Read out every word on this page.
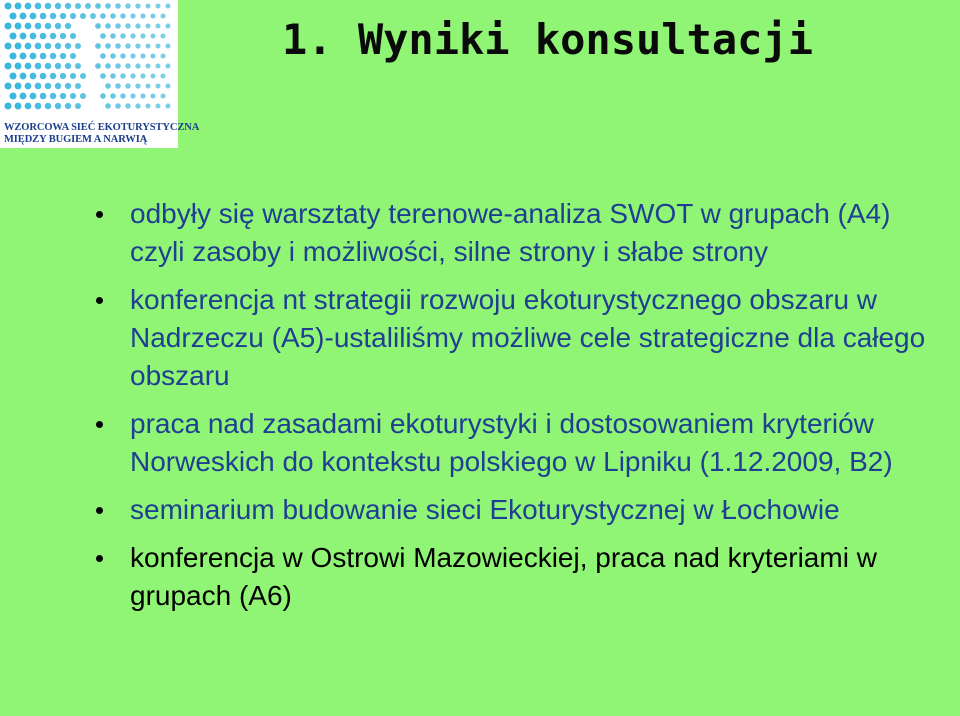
WZORCOWA SIEĆ EKOTURYSTYCZNA
MIĘDZY BUGIEM A NARWIĄ
1. Wyniki konsultacji
odbyły się warsztaty terenowe-analiza SWOT w grupach (A4) czyli zasoby i możliwości, silne strony i słabe strony
konferencja nt strategii rozwoju ekoturystycznego obszaru w Nadrzeczu (A5)-ustaliliśmy możliwe cele strategiczne dla całego obszaru
praca nad zasadami ekoturystyki i dostosowaniem kryteriów Norweskich do kontekstu polskiego w Lipniku (1.12.2009, B2)
seminarium budowanie sieci Ekoturystycznej w Łochowie
konferencja w Ostrowi Mazowieckiej, praca nad kryteriami w grupach (A6)
